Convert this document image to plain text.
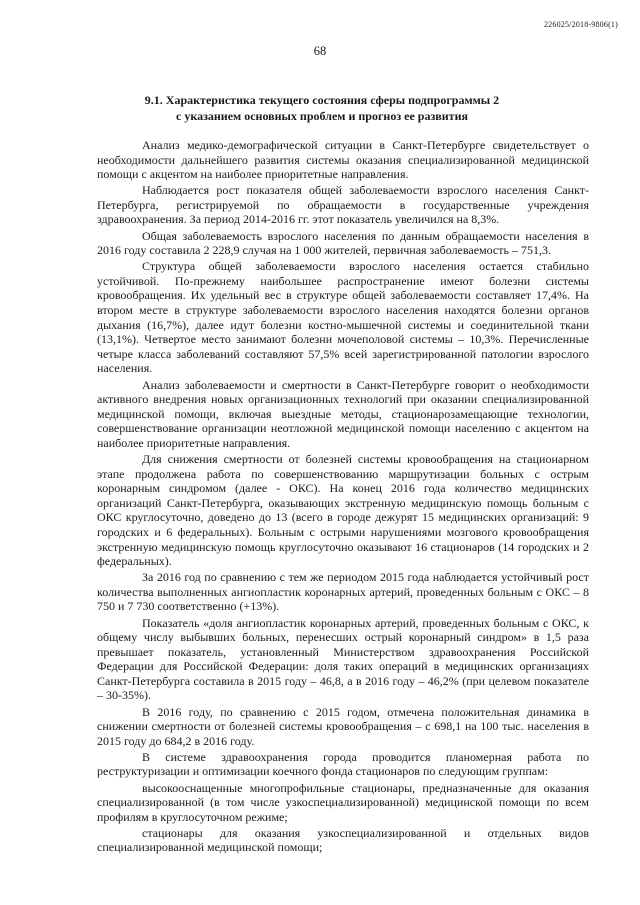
226025/2018-9806(1)
68
9.1. Характеристика текущего состояния сферы подпрограммы 2
с указанием основных проблем и прогноз ее развития

Анализ медико-демографической ситуации в Санкт-Петербурге свидетельствует о необходимости дальнейшего развития системы оказания специализированной медицинской помощи с акцентом на наиболее приоритетные направления.

Наблюдается рост показателя общей заболеваемости взрослого населения Санкт-Петербурга, регистрируемой по обращаемости в государственные учреждения здравоохранения. За период 2014-2016 гг. этот показатель увеличился на 8,3%.

Общая заболеваемость взрослого населения по данным обращаемости населения в 2016 году составила 2 228,9 случая на 1 000 жителей, первичная заболеваемость – 751,3.

Структура общей заболеваемости взрослого населения остается стабильно устойчивой. По-прежнему наибольшее распространение имеют болезни системы кровообращения. Их удельный вес в структуре общей заболеваемости составляет 17,4%. На втором месте в структуре заболеваемости взрослого населения находятся болезни органов дыхания (16,7%), далее идут болезни костно-мышечной системы и соединительной ткани (13,1%). Четвертое место занимают болезни мочеполовой системы – 10,3%. Перечисленные четыре класса заболеваний составляют 57,5% всей зарегистрированной патологии взрослого населения.

Анализ заболеваемости и смертности в Санкт-Петербурге говорит о необходимости активного внедрения новых организационных технологий при оказании специализированной медицинской помощи, включая выездные методы, стационарозамещающие технологии, совершенствование организации неотложной медицинской помощи населению с акцентом на наиболее приоритетные направления.

Для снижения смертности от болезней системы кровообращения на стационарном этапе продолжена работа по совершенствованию маршрутизации больных с острым коронарным синдромом (далее - ОКС). На конец 2016 года количество медицинских организаций Санкт-Петербурга, оказывающих экстренную медицинскую помощь больным с ОКС круглосуточно, доведено до 13 (всего в городе дежурят 15 медицинских организаций: 9 городских и 6 федеральных). Больным с острыми нарушениями мозгового кровообращения экстренную медицинскую помощь круглосуточно оказывают 16 стационаров (14 городских и 2 федеральных).

За 2016 год по сравнению с тем же периодом 2015 года наблюдается устойчивый рост количества выполненных ангиопластик коронарных артерий, проведенных больным с ОКС – 8 750 и 7 730 соответственно (+13%).

Показатель «доля ангиопластик коронарных артерий, проведенных больным с ОКС, к общему числу выбывших больных, перенесших острый коронарный синдром» в 1,5 раза превышает показатель, установленный Министерством здравоохранения Российской Федерации для Российской Федерации: доля таких операций в медицинских организациях Санкт-Петербурга составила в 2015 году – 46,8, а в 2016 году – 46,2% (при целевом показателе – 30-35%).

В 2016 году, по сравнению с 2015 годом, отмечена положительная динамика в снижении смертности от болезней системы кровообращения – с 698,1 на 100 тыс. населения в 2015 году до 684,2 в 2016 году.

В системе здравоохранения города проводится планомерная работа по реструктуризации и оптимизации коечного фонда стационаров по следующим группам:

высокооснащенные многопрофильные стационары, предназначенные для оказания специализированной (в том числе узкоспециализированной) медицинской помощи по всем профилям в круглосуточном режиме;

стационары для оказания узкоспециализированной и отдельных видов специализированной медицинской помощи;
